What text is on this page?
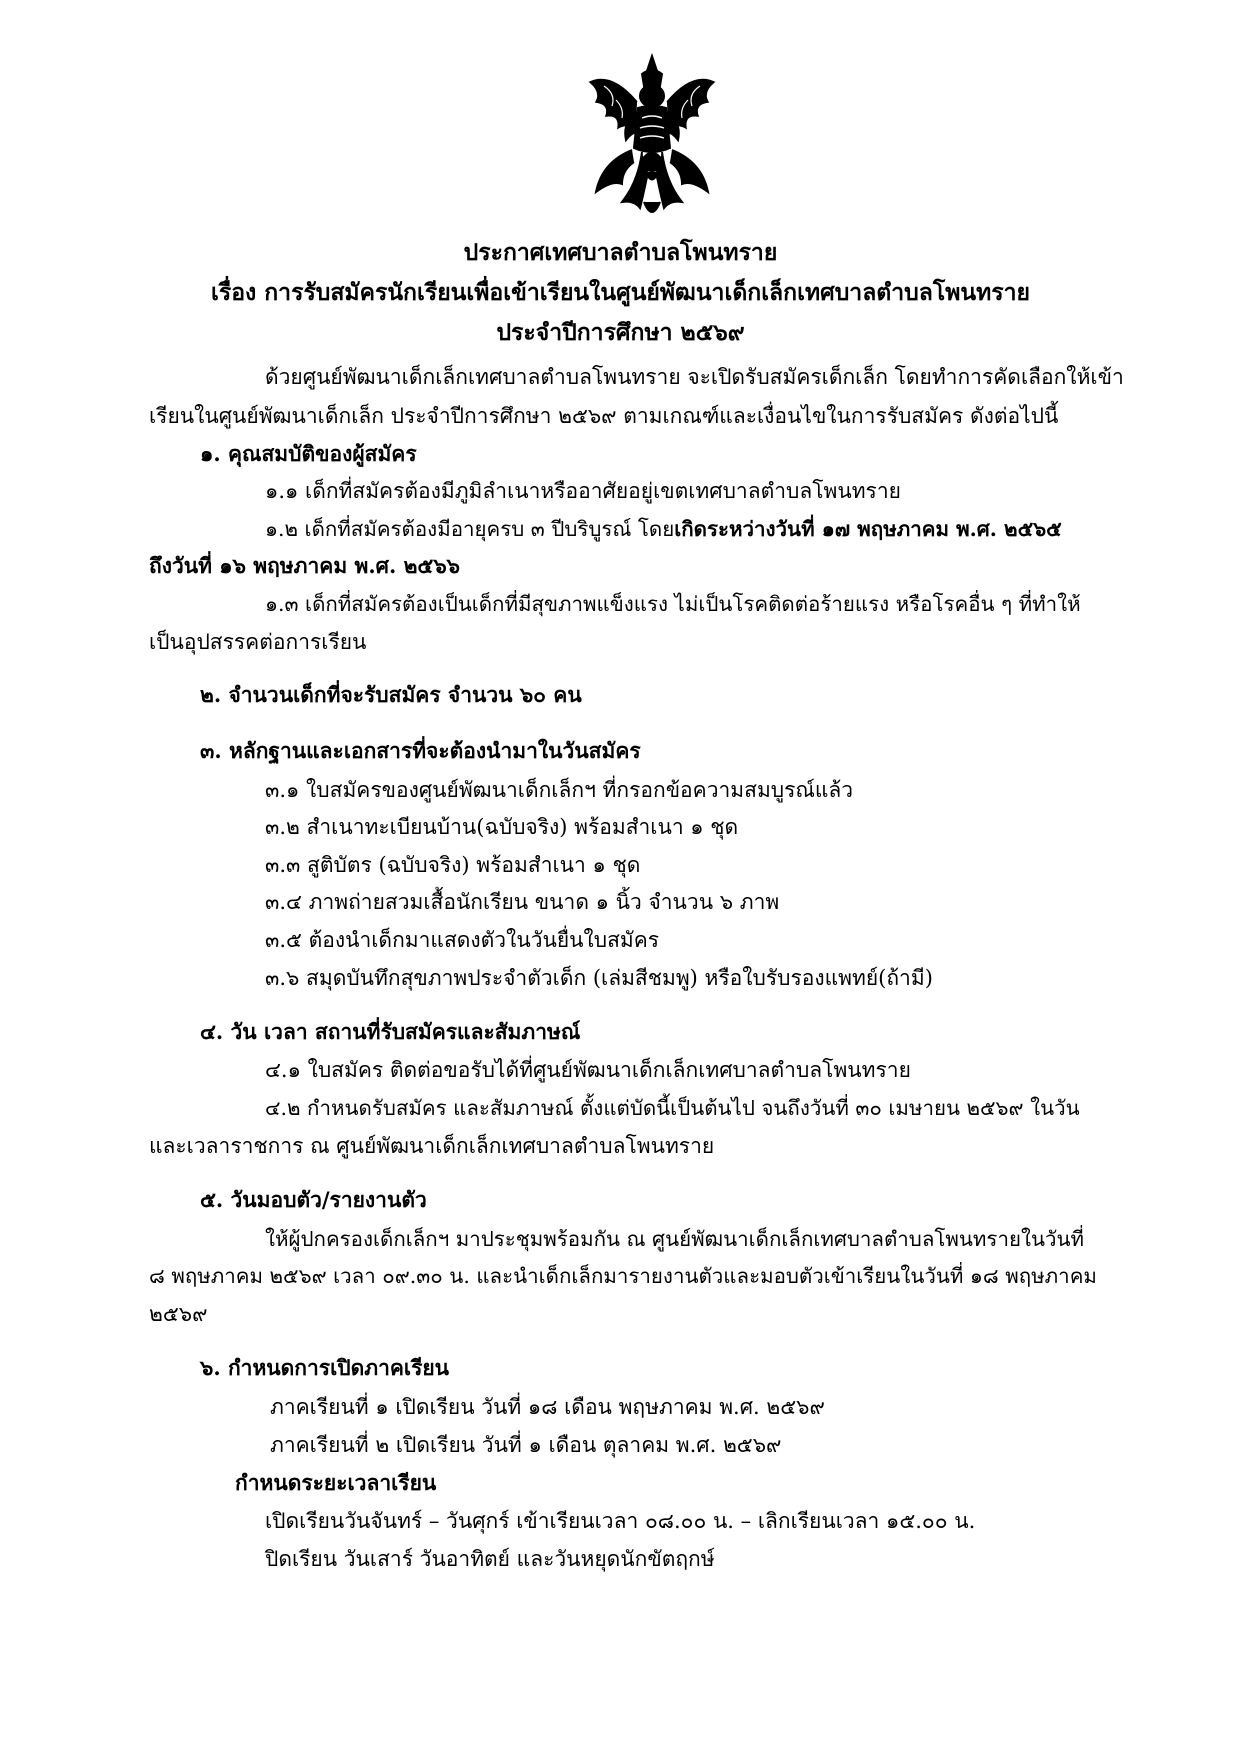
ประกาศเทศบาลตำบลโพนทราย
เรื่อง การรับสมัครนักเรียนเพื่อเข้าเรียนในศูนย์พัฒนาเด็กเล็กเทศบาลตำบลโพนทราย
ประจำปีการศึกษา ๒๕๖๙
ด้วยศูนย์พัฒนาเด็กเล็กเทศบาลตำบลโพนทราย จะเปิดรับสมัครเด็กเล็ก โดยทำการคัดเลือกให้เข้า
เรียนในศูนย์พัฒนาเด็กเล็ก ประจำปีการศึกษา ๒๕๖๙ ตามเกณฑ์และเงื่อนไขในการรับสมัคร ดังต่อไปนี้
๑. คุณสมบัติของผู้สมัคร
๑.๑ เด็กที่สมัครต้องมีภูมิลำเนาหรืออาศัยอยู่เขตเทศบาลตำบลโพนทราย
๑.๒ เด็กที่สมัครต้องมีอายุครบ ๓ ปีบริบูรณ์ โดยเกิดระหว่างวันที่ ๑๗ พฤษภาคม พ.ศ. ๒๕๖๕
ถึงวันที่ ๑๖ พฤษภาคม พ.ศ. ๒๕๖๖
๑.๓ เด็กที่สมัครต้องเป็นเด็กที่มีสุขภาพแข็งแรง ไม่เป็นโรคติดต่อร้ายแรง หรือโรคอื่น ๆ ที่ทำให้
เป็นอุปสรรคต่อการเรียน
๒. จำนวนเด็กที่จะรับสมัคร จำนวน ๖๐ คน
๓. หลักฐานและเอกสารที่จะต้องนำมาในวันสมัคร
๓.๑ ใบสมัครของศูนย์พัฒนาเด็กเล็กฯ ที่กรอกข้อความสมบูรณ์แล้ว
๓.๒ สำเนาทะเบียนบ้าน(ฉบับจริง) พร้อมสำเนา ๑ ชุด
๓.๓ สูติบัตร (ฉบับจริง) พร้อมสำเนา ๑ ชุด
๓.๔ ภาพถ่ายสวมเสื้อนักเรียน ขนาด ๑ นิ้ว จำนวน ๖ ภาพ
๓.๕ ต้องนำเด็กมาแสดงตัวในวันยื่นใบสมัคร
๓.๖ สมุดบันทึกสุขภาพประจำตัวเด็ก (เล่มสีชมพู) หรือใบรับรองแพทย์(ถ้ามี)
๔. วัน เวลา สถานที่รับสมัครและสัมภาษณ์
๔.๑ ใบสมัคร ติดต่อขอรับได้ที่ศูนย์พัฒนาเด็กเล็กเทศบาลตำบลโพนทราย
๔.๒ กำหนดรับสมัคร และสัมภาษณ์ ตั้งแต่บัดนี้เป็นต้นไป จนถึงวันที่ ๓๐ เมษายน ๒๕๖๙ ในวัน
และเวลาราชการ ณ ศูนย์พัฒนาเด็กเล็กเทศบาลตำบลโพนทราย
๕. วันมอบตัว/รายงานตัว
ให้ผู้ปกครองเด็กเล็กฯ มาประชุมพร้อมกัน ณ ศูนย์พัฒนาเด็กเล็กเทศบาลตำบลโพนทรายในวันที่
๘ พฤษภาคม ๒๕๖๙ เวลา ๐๙.๓๐ น. และนำเด็กเล็กมารายงานตัวและมอบตัวเข้าเรียนในวันที่ ๑๘ พฤษภาคม
๒๕๖๙
๖. กำหนดการเปิดภาคเรียน
ภาคเรียนที่ ๑ เปิดเรียน วันที่ ๑๘ เดือน พฤษภาคม พ.ศ. ๒๕๖๙
ภาคเรียนที่ ๒ เปิดเรียน วันที่ ๑ เดือน ตุลาคม พ.ศ. ๒๕๖๙
กำหนดระยะเวลาเรียน
เปิดเรียนวันจันทร์ – วันศุกร์ เข้าเรียนเวลา ๐๘.๐๐ น. – เลิกเรียนเวลา ๑๕.๐๐ น.
ปิดเรียน วันเสาร์ วันอาทิตย์ และวันหยุดนักขัตฤกษ์
